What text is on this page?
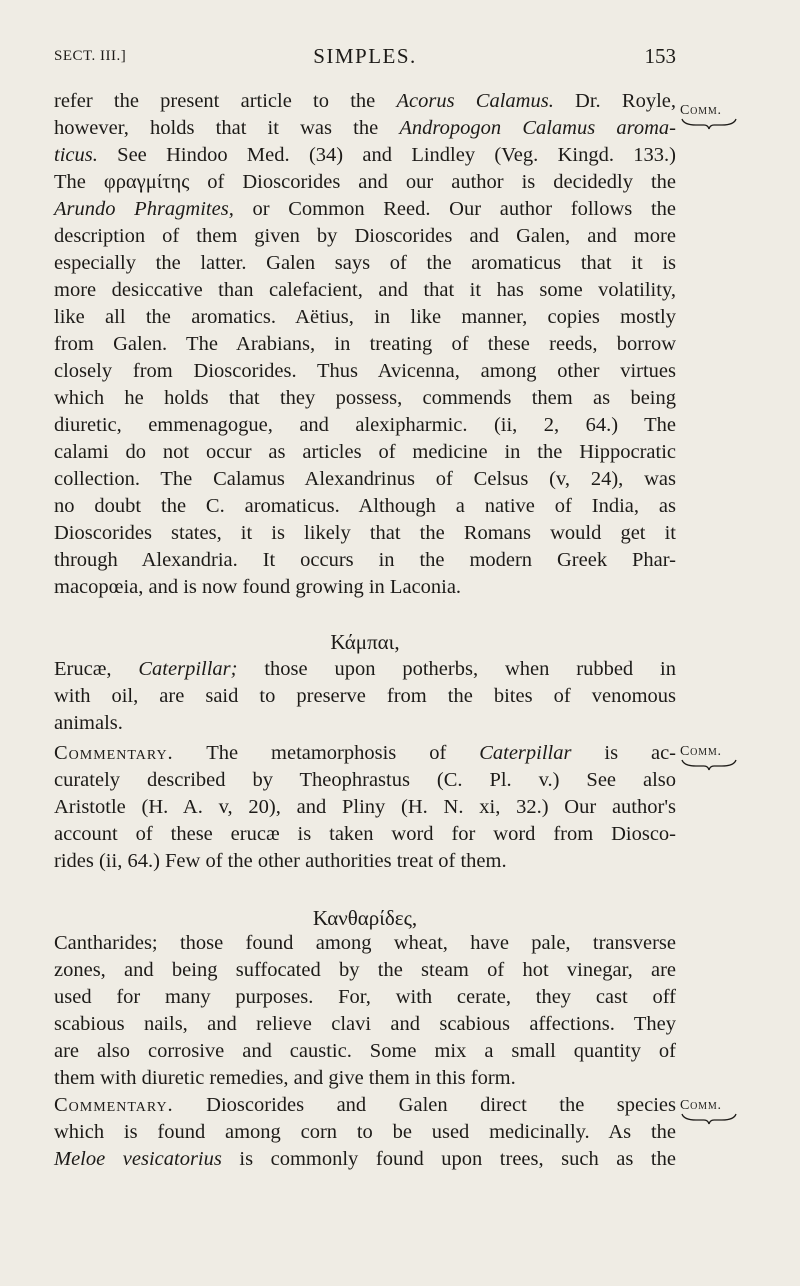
SECT. III.]	SIMPLES.	153
refer the present article to the Acorus Calamus. Dr. Royle,
however, holds that it was the Andropogon Calamus aroma-
ticus. See Hindoo Med. (34) and Lindley (Veg. Kingd. 133.)
The φραγμίτης of Dioscorides and our author is decidedly the
Arundo Phragmites, or Common Reed. Our author follows the
description of them given by Dioscorides and Galen, and more
especially the latter. Galen says of the aromaticus that it is
more desiccative than calefacient, and that it has some volatility,
like all the aromatics. Aëtius, in like manner, copies mostly
from Galen. The Arabians, in treating of these reeds, borrow
closely from Dioscorides. Thus Avicenna, among other virtues
which he holds that they possess, commends them as being
diuretic, emmenagogue, and alexipharmic. (ii, 2, 64.) The
calami do not occur as articles of medicine in the Hippocratic
collection. The Calamus Alexandrinus of Celsus (v, 24), was
no doubt the C. aromaticus. Although a native of India, as
Dioscorides states, it is likely that the Romans would get it
through Alexandria. It occurs in the modern Greek Phar-
macopœia, and is now found growing in Laconia.
Κάμπαι,
Erucæ, Caterpillar; those upon potherbs, when rubbed in
with oil, are said to preserve from the bites of venomous
animals.
Commentary. The metamorphosis of Caterpillar is ac-
curately described by Theophrastus (C. Pl. v.) See also
Aristotle (H. A. v, 20), and Pliny (H. N. xi, 32.) Our author's
account of these erucæ is taken word for word from Diosco-
rides (ii, 64.) Few of the other authorities treat of them.
Κανθαρίδες,
Cantharides; those found among wheat, have pale, transverse
zones, and being suffocated by the steam of hot vinegar, are
used for many purposes. For, with cerate, they cast off
scabious nails, and relieve clavi and scabious affections. They
are also corrosive and caustic. Some mix a small quantity of
them with diuretic remedies, and give them in this form.
Commentary. Dioscorides and Galen direct the species
which is found among corn to be used medicinally. As the
Meloe vesicatorius is commonly found upon trees, such as the
Comm.
Comm.
Comm.
